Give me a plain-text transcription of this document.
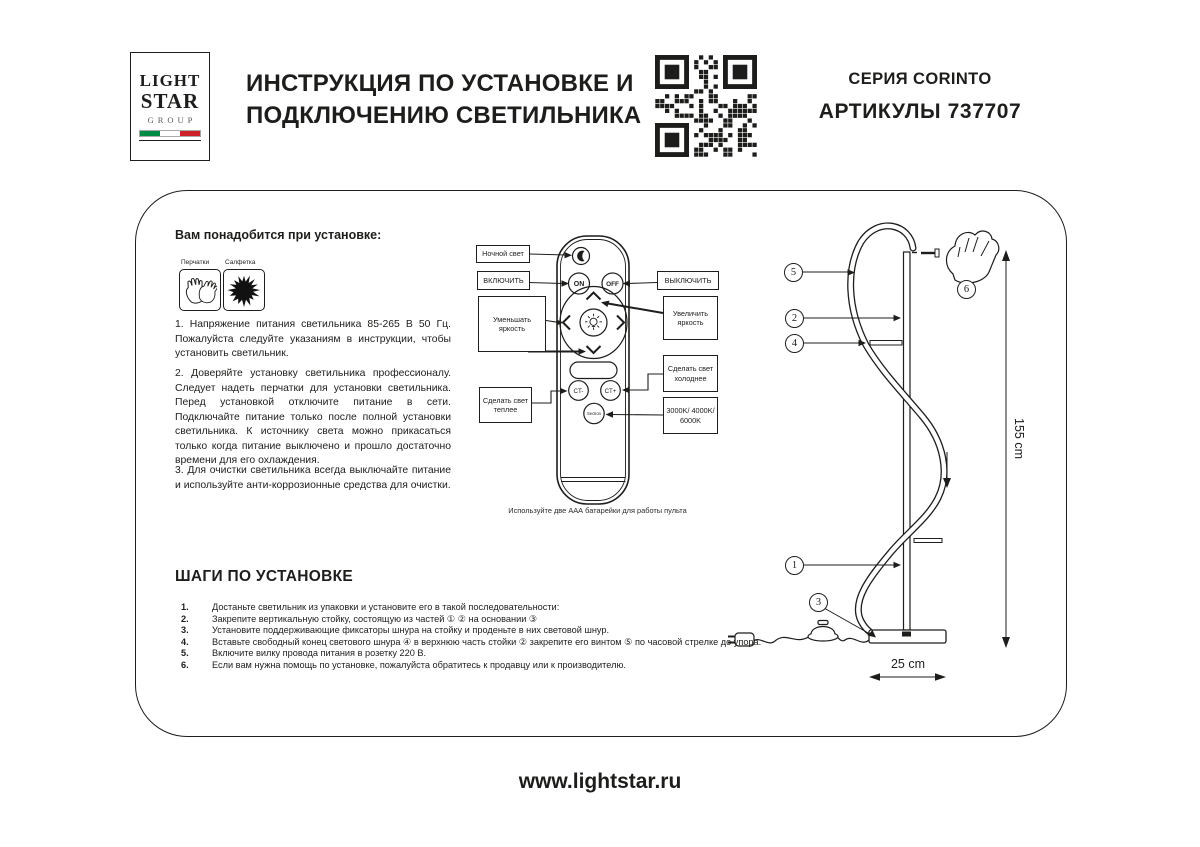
LIGHT
STAR
GROUP
ИНСТРУКЦИЯ ПО УСТАНОВКЕ И
ПОДКЛЮЧЕНИЮ СВЕТИЛЬНИКА
СЕРИЯ CORINTO
АРТИКУЛЫ 737707
ON	OFF
CT-	CT+
Section
Вам понадобится при установке:
Перчатки Салфетка
1. Напряжение питания светильника 85-265 В 50 Гц. Пожалуйста следуйте указаниям в инструкции, чтобы установить светильник.
2. Доверяйте установку светильника профессионалу. Следует надеть перчатки для установки светильника. Перед установкой отключите питание в сети. Подключайте питание только после полной установки светильника. К источнику света можно прикасаться только когда питание выключено и прошло достаточно времени для его охлаждения.
3. Для очистки светильника всегда выключайте питание и используйте анти-коррозионные средства для очистки.
Ночной свет
ВКЛЮЧИТЬ
Уменьшать яркость
Сделать свет теплее
ВЫКЛЮЧИТЬ
Увеличить яркость
Сделать свет холоднее
3000K/ 4000K/ 6000K
Используйте две ААА батарейки для работы пульта
5
2
4
6
1
3
155 cm
25 cm
ШАГИ ПО УСТАНОВКЕ
1.	Достаньте светильник из упаковки и установите его в такой последовательности:
2.	Закрепите вертикальную стойку, состоящую из частей ① ② на основании ③
3.	Установите поддерживающие фиксаторы шнура на стойку и проденьте в них световой шнур.
4.	Вставьте свободный конец светового шнура ④ в верхнюю часть стойки ② закрепите его винтом ⑤ по часовой стрелке до упора.
5.	Включите вилку провода питания в розетку 220 В.
6.	Если вам нужна помощь по установке, пожалуйста обратитесь к продавцу или к производителю.
www.lightstar.ru
